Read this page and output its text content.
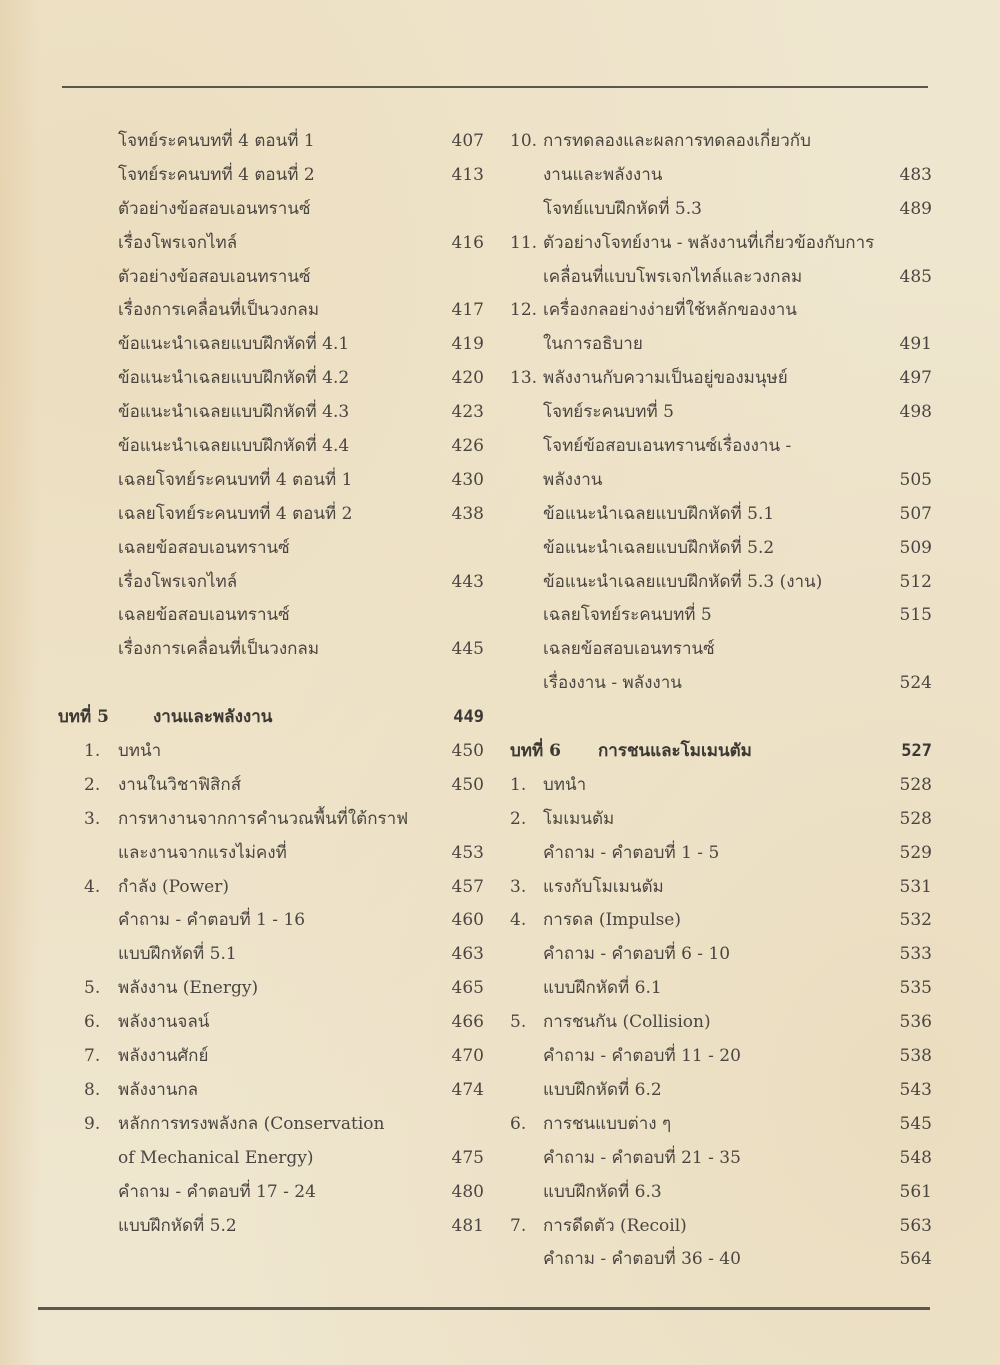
โจทย์ระคนบทที่ 4 ตอนที่ 1	407
โจทย์ระคนบทที่ 4 ตอนที่ 2	413
ตัวอย่างข้อสอบเอนทรานซ์
เรื่องโพรเจกไทล์	416
ตัวอย่างข้อสอบเอนทรานซ์
เรื่องการเคลื่อนที่เป็นวงกลม	417
ข้อแนะนำเฉลยแบบฝึกหัดที่ 4.1	419
ข้อแนะนำเฉลยแบบฝึกหัดที่ 4.2	420
ข้อแนะนำเฉลยแบบฝึกหัดที่ 4.3	423
ข้อแนะนำเฉลยแบบฝึกหัดที่ 4.4	426
เฉลยโจทย์ระคนบทที่ 4 ตอนที่ 1	430
เฉลยโจทย์ระคนบทที่ 4 ตอนที่ 2	438
เฉลยข้อสอบเอนทรานซ์
เรื่องโพรเจกไทล์	443
เฉลยข้อสอบเอนทรานซ์
เรื่องการเคลื่อนที่เป็นวงกลม	445
บทที่ 5	งานและพลังงาน	449
1. บทนำ	450
2. งานในวิชาฟิสิกส์	450
3. การหางานจากการคำนวณพื้นที่ใต้กราฟ
และงานจากแรงไม่คงที่	453
4. กำลัง (Power)	457
คำถาม - คำตอบที่ 1 - 16	460
แบบฝึกหัดที่ 5.1	463
5. พลังงาน (Energy)	465
6. พลังงานจลน์	466
7. พลังงานศักย์	470
8. พลังงานกล	474
9. หลักการทรงพลังกล (Conservation
of Mechanical Energy)	475
คำถาม - คำตอบที่ 17 - 24	480
แบบฝึกหัดที่ 5.2	481
10. การทดลองและผลการทดลองเกี่ยวกับ
งานและพลังงาน	483
โจทย์แบบฝึกหัดที่ 5.3	489
11. ตัวอย่างโจทย์งาน - พลังงานที่เกี่ยวข้องกับการ
เคลื่อนที่แบบโพรเจกไทล์และวงกลม	485
12. เครื่องกลอย่างง่ายที่ใช้หลักของงาน
ในการอธิบาย	491
13. พลังงานกับความเป็นอยู่ของมนุษย์	497
โจทย์ระคนบทที่ 5	498
โจทย์ข้อสอบเอนทรานซ์เรื่องงาน -
พลังงาน	505
ข้อแนะนำเฉลยแบบฝึกหัดที่ 5.1	507
ข้อแนะนำเฉลยแบบฝึกหัดที่ 5.2	509
ข้อแนะนำเฉลยแบบฝึกหัดที่ 5.3 (งาน)	512
เฉลยโจทย์ระคนบทที่ 5	515
เฉลยข้อสอบเอนทรานซ์
เรื่องงาน - พลังงาน	524
บทที่ 6 การชนและโมเมนตัม	527
1. บทนำ	528
2. โมเมนตัม	528
คำถาม - คำตอบที่ 1 - 5	529
3. แรงกับโมเมนตัม	531
4. การดล (Impulse)	532
คำถาม - คำตอบที่ 6 - 10	533
แบบฝึกหัดที่ 6.1	535
5. การชนกัน (Collision)	536
คำถาม - คำตอบที่ 11 - 20	538
แบบฝึกหัดที่ 6.2	543
6. การชนแบบต่าง ๆ	545
คำถาม - คำตอบที่ 21 - 35	548
แบบฝึกหัดที่ 6.3	561
7. การดีดตัว (Recoil)	563
คำถาม - คำตอบที่ 36 - 40	564
